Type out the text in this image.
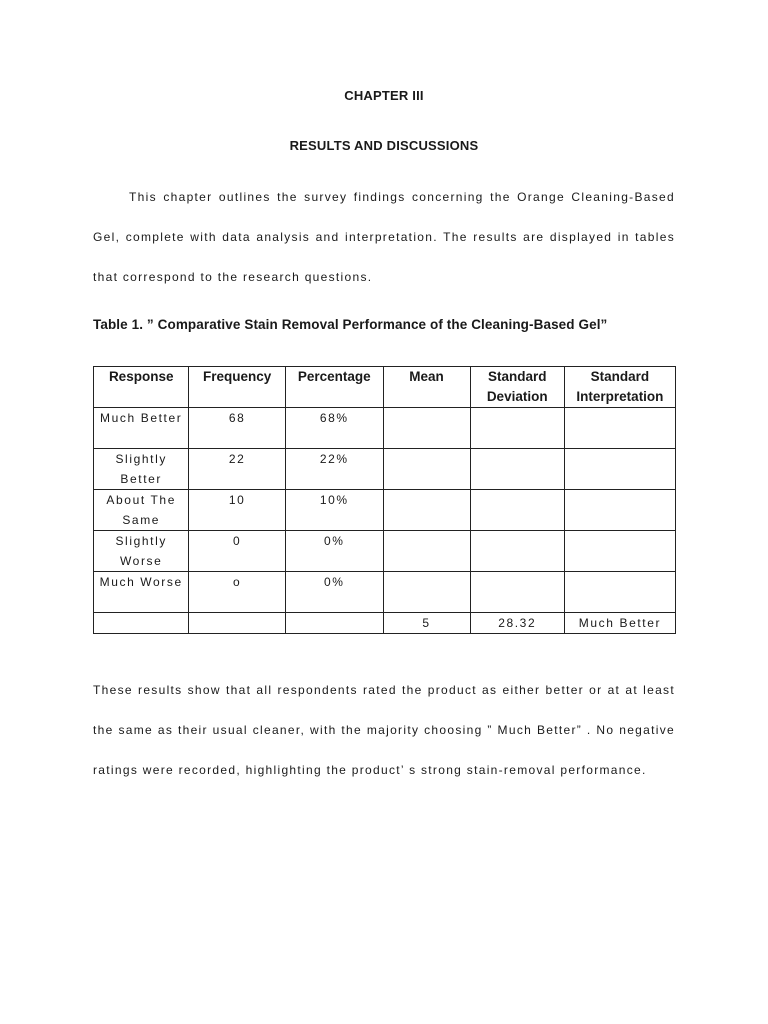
CHAPTER III
RESULTS AND DISCUSSIONS
This chapter outlines the survey findings concerning the Orange Cleaning-Based Gel, complete with data analysis and interpretation. The results are displayed in tables that correspond to the research questions.
Table 1. ” Comparative Stain Removal Performance of the Cleaning-Based Gel”
Response	Frequency	Percentage	Mean	Standard Deviation	Standard Interpretation
Much Better	68	68%			
Slightly Better	22	22%			
About The Same	10	10%			
Slightly Worse	0	0%			
Much Worse	o	0%			
			5	28.32	Much Better
These results show that all respondents rated the product as either better or at at least the same as their usual cleaner, with the majority choosing ” Much Better” . No negative ratings were recorded, highlighting the product’ s strong stain-removal performance.
